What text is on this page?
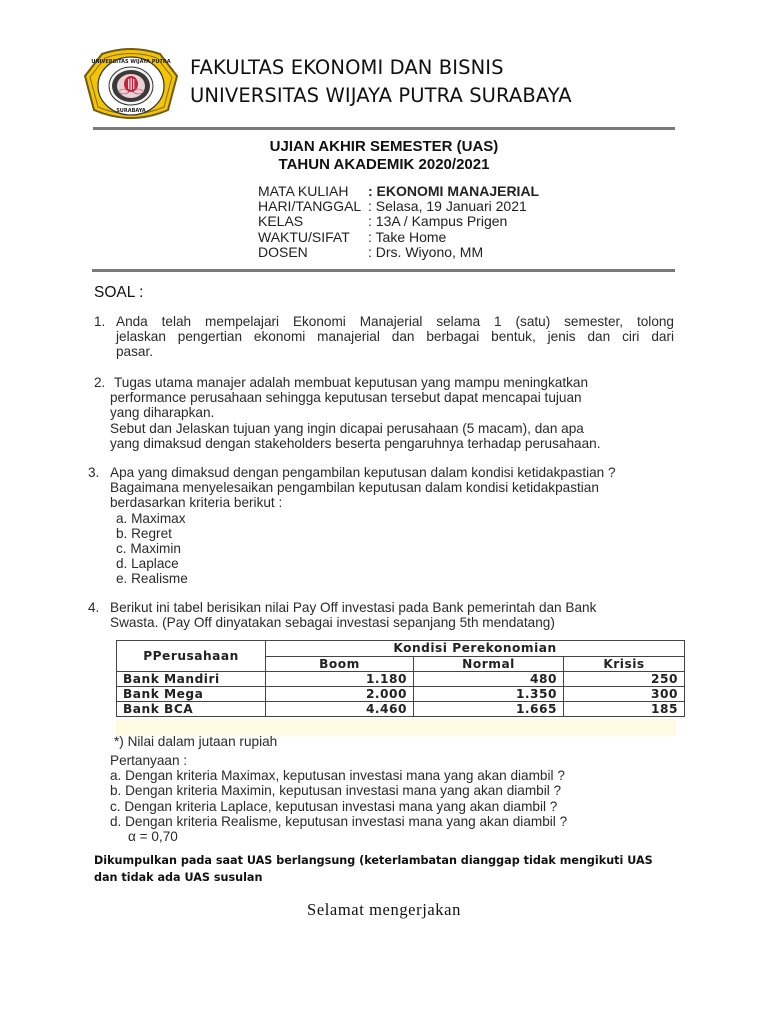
UNIVERSITAS WIJAYA PUTRA
SURABAYA
FAKULTAS EKONOMI DAN BISNIS
UNIVERSITAS WIJAYA PUTRA SURABAYA
UJIAN AKHIR SEMESTER (UAS)
TAHUN AKADEMIK 2020/2021
MATA KULIAH : EKONOMI MANAJERIAL
HARI/TANGGAL : Selasa, 19 Januari 2021
KELAS	: 13A / Kampus Prigen
WAKTU/SIFAT : Take Home
DOSEN	: Drs. Wiyono, MM
SOAL :
1. Anda telah mempelajari Ekonomi Manajerial selama 1 (satu) semester, tolong
jelaskan pengertian ekonomi manajerial dan berbagai bentuk, jenis dan ciri dari
pasar.
2. Tugas utama manajer adalah membuat keputusan yang mampu meningkatkan
performance perusahaan sehingga keputusan tersebut dapat mencapai tujuan
yang diharapkan.
Sebut dan Jelaskan tujuan yang ingin dicapai perusahaan (5 macam), dan apa
yang dimaksud dengan stakeholders beserta pengaruhnya terhadap perusahaan.
3. Apa yang dimaksud dengan pengambilan keputusan dalam kondisi ketidakpastian ?
Bagaimana menyelesaikan pengambilan keputusan dalam kondisi ketidakpastian
berdasarkan kriteria berikut :
a. Maximax
b. Regret
c. Maximin
d. Laplace
e. Realisme
4. Berikut ini tabel berisikan nilai Pay Off investasi pada Bank pemerintah dan Bank
Swasta. (Pay Off dinyatakan sebagai investasi sepanjang 5th mendatang)
PPerusahaan	Kondisi Perekonomian		
	Boom	Normal	Krisis
Bank Mandiri	1.180	480	250
Bank Mega	2.000	1.350	300
Bank BCA	4.460	1.665	185
*) Nilai dalam jutaan rupiah
Pertanyaan :
a. Dengan kriteria Maximax, keputusan investasi mana yang akan diambil ?
b. Dengan kriteria Maximin, keputusan investasi mana yang akan diambil ?
c. Dengan kriteria Laplace, keputusan investasi mana yang akan diambil ?
d. Dengan kriteria Realisme, keputusan investasi mana yang akan diambil ?
α = 0,70
Dikumpulkan pada saat UAS berlangsung (keterlambatan dianggap tidak mengikuti UAS
dan tidak ada UAS susulan
Selamat mengerjakan
